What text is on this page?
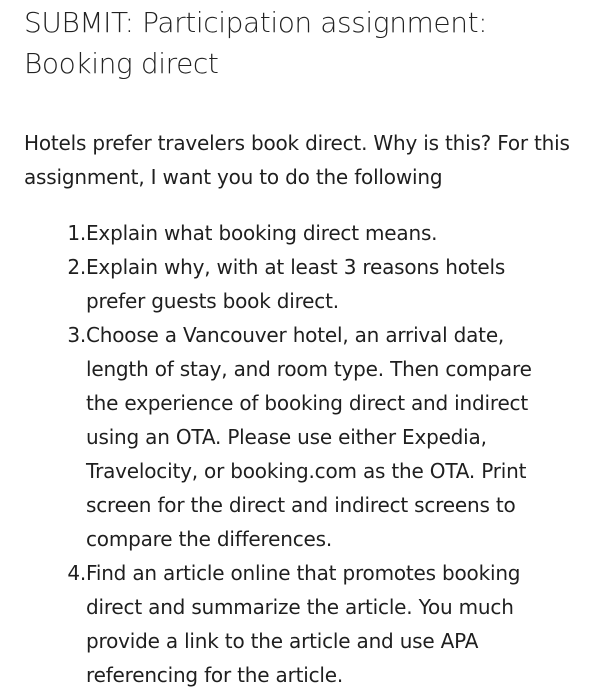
SUBMIT: Participation assignment: Booking direct

Hotels prefer travelers book direct. Why is this? For this assignment, I want you to do the following

1. Explain what booking direct means.
2. Explain why, with at least 3 reasons hotels prefer guests book direct.
3. Choose a Vancouver hotel, an arrival date, length of stay, and room type. Then compare the experience of booking direct and indirect using an OTA. Please use either Expedia, Travelocity, or booking.com as the OTA. Print screen for the direct and indirect screens to compare the differences.
4. Find an article online that promotes booking direct and summarize the article. You much provide a link to the article and use APA referencing for the article.
